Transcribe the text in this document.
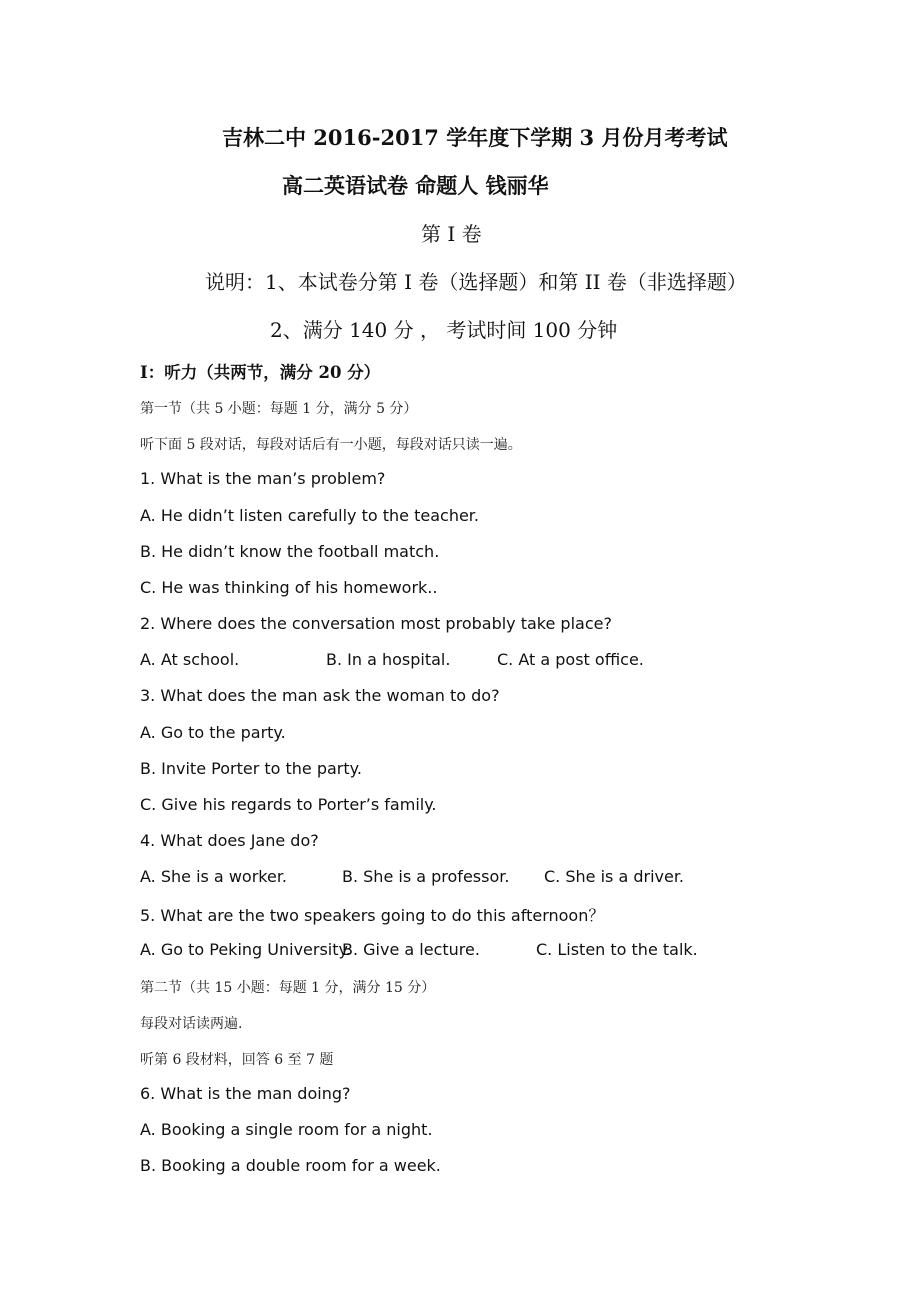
吉林二中 2016-2017 学年度下学期 3 月份月考考试
高二英语试卷 命题人 钱丽华
第 I 卷
说明：1、本试卷分第 I 卷（选择题）和第 II 卷（非选择题）
2、满分 140 分 ， 考试时间 100 分钟
I：听力（共两节，满分 20 分）
第一节（共 5 小题：每题 1 分，满分 5 分）
听下面 5 段对话，每段对话后有一小题，每段对话只读一遍。
1. What is the man’s problem?
A. He didn’t listen carefully to the teacher.
B. He didn’t know the football match.
C. He was thinking of his homework..
2. Where does the conversation most probably take place?
A. At school.	B. In a hospital.	C. At a post office.
3. What does the man ask the woman to do?
A. Go to the party.
B. Invite Porter to the party.
C. Give his regards to Porter’s family.
4. What does Jane do?
A. She is a worker.	B. She is a professor. C. She is a driver.
5. What are the two speakers going to do this afternoon？
A. Go to Peking University.
B. Give a lecture.	C. Listen to the talk.
第二节（共 15 小题：每题 1 分，满分 15 分）
每段对话读两遍.
听第 6 段材料，回答 6 至 7 题
6. What is the man doing?
A. Booking a single room for a night.
B. Booking a double room for a week.
